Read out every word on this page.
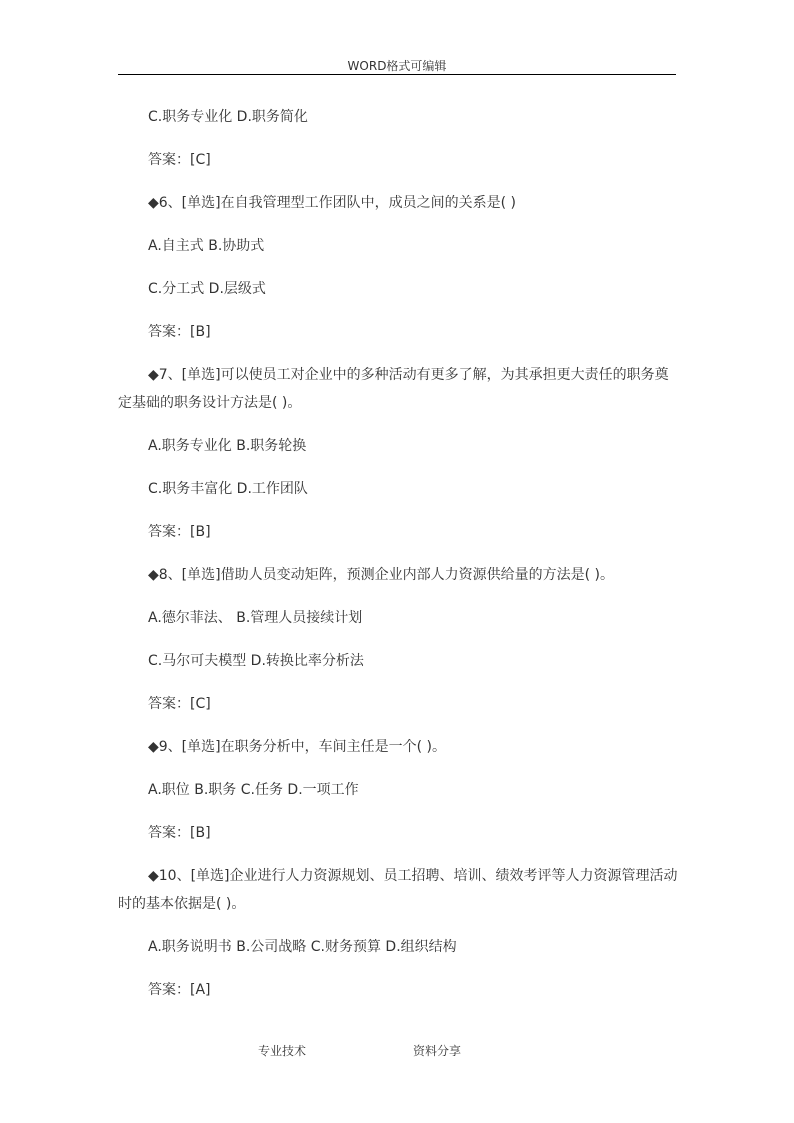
WORD格式可编辑
C.职务专业化 D.职务简化
答案：[C]
◆6、[单选]在自我管理型工作团队中，成员之间的关系是( )
A.自主式 B.协助式
C.分工式 D.层级式
答案：[B]
◆7、[单选]可以使员工对企业中的多种活动有更多了解，为其承担更大责任的职务奠
定基础的职务设计方法是( )。
A.职务专业化 B.职务轮换
C.职务丰富化 D.工作团队
答案：[B]
◆8、[单选]借助人员变动矩阵，预测企业内部人力资源供给量的方法是( )。
A.德尔菲法、 B.管理人员接续计划
C.马尔可夫模型 D.转换比率分析法
答案：[C]
◆9、[单选]在职务分析中，车间主任是一个( )。
A.职位 B.职务 C.任务 D.一项工作
答案：[B]
◆10、[单选]企业进行人力资源规划、员工招聘、培训、绩效考评等人力资源管理活动
时的基本依据是( )。
A.职务说明书 B.公司战略 C.财务预算 D.组织结构
答案：[A]
专业技术	资料分享
